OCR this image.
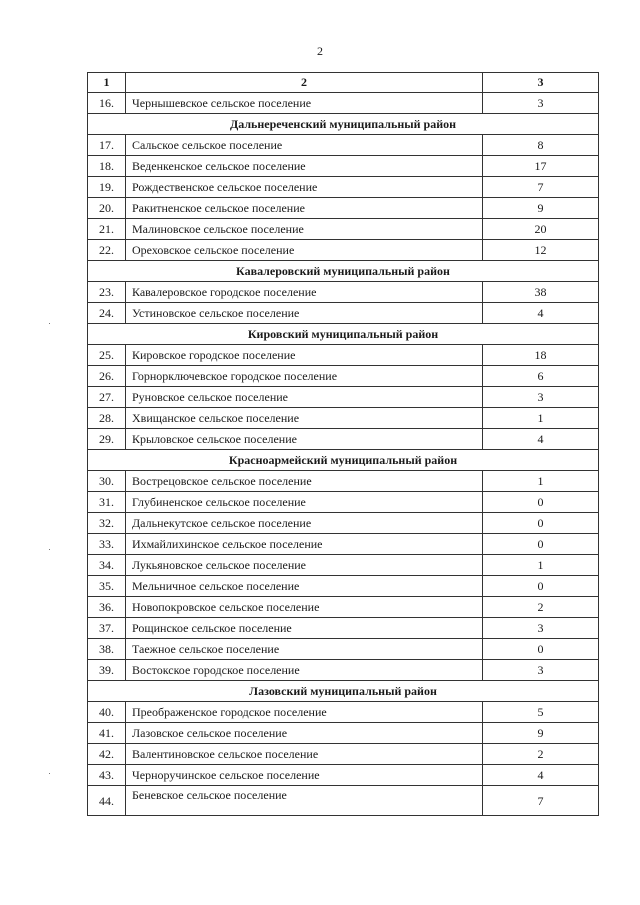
2
1	2	3
16.	Чернышевское сельское поселение	3
Дальнереченский муниципальный район		
17.	Сальское сельское поселение	8
18.	Веденкенское сельское поселение	17
19.	Рождественское сельское поселение	7
20.	Ракитненское сельское поселение	9
21.	Малиновское сельское поселение	20
22.	Ореховское сельское поселение	12
Кавалеровский муниципальный район		
23.	Кавалеровское городское поселение	38
24.	Устиновское сельское поселение	4
Кировский муниципальный район		
25.	Кировское городское поселение	18
26.	Горнорключевское городское поселение	6
27.	Руновское сельское поселение	3
28.	Хвищанское сельское поселение	1
29.	Крыловское сельское поселение	4
Красноармейский муниципальный район		
30.	Вострецовское сельское поселение	1
31.	Глубиненское сельское поселение	0
32.	Дальнекутское сельское поселение	0
33.	Ихмайлихинское сельское поселение	0
34.	Лукьяновское сельское поселение	1
35.	Мельничное сельское поселение	0
36.	Новопокровское сельское поселение	2
37.	Рощинское сельское поселение	3
38.	Таежное сельское поселение	0
39.	Востокское городское поселение	3
Лазовский муниципальный район		
40.	Преображенское городское поселение	5
41.	Лазовское сельское поселение	9
42.	Валентиновское сельское поселение	2
43.	Черноручинское сельское поселение	4
44.	Беневское сельское поселение	7
